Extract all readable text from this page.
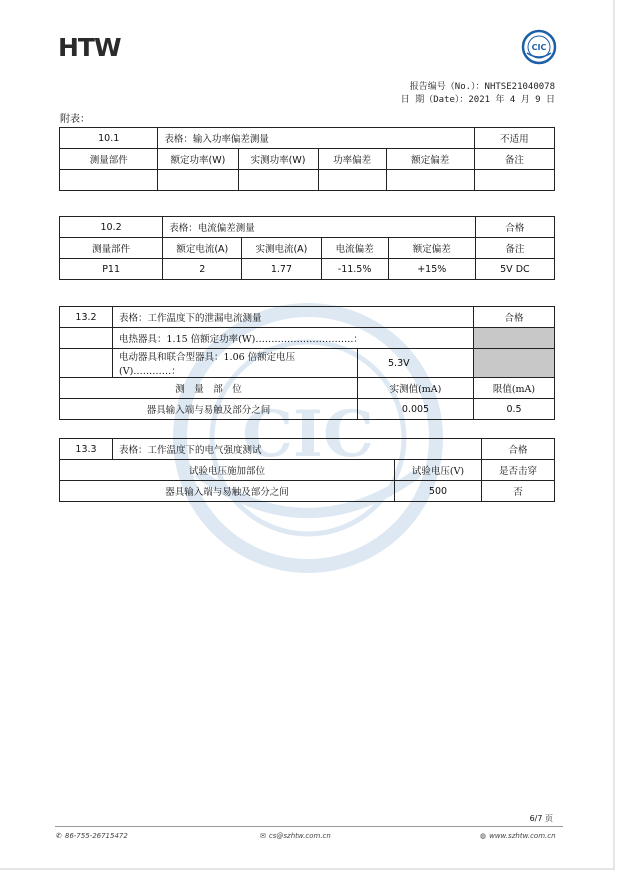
HTW	CIC
报告编号（No.）：NHTSE21040078
日 期（Date）：2021 年 4 月 9 日
附表：
CIC
10.1	表格：输入功率偏差测量				不适用
测量部件	额定功率(W)	实测功率(W)	功率偏差	额定偏差	备注

10.2	表格：电流偏差测量				合格
测量部件	额定电流(A)	实测电流(A)	电流偏差	额定偏差	备注
P11	2	1.77	-11.5%	+15%	5V DC
13.2	表格：工作温度下的泄漏电流测量		合格
	电热器具：1.15 倍额定功率(W)………………………….：		
	电动器具和联合型器具：1.06 倍额定电压(V)…………：	5.3V	
测　量　部　位		实测值(mA)	限值(mA)
器具输入端与易触及部分之间		0.005	0.5
13.3	表格：工作温度下的电气强度测试		合格
试验电压施加部位		试验电压(V)	是否击穿
器具输入端与易触及部分之间		500	否
6/7 页
✆ 86-755-26715472	✉ cs@szhtw.com.cn	◍ www.szhtw.com.cn
